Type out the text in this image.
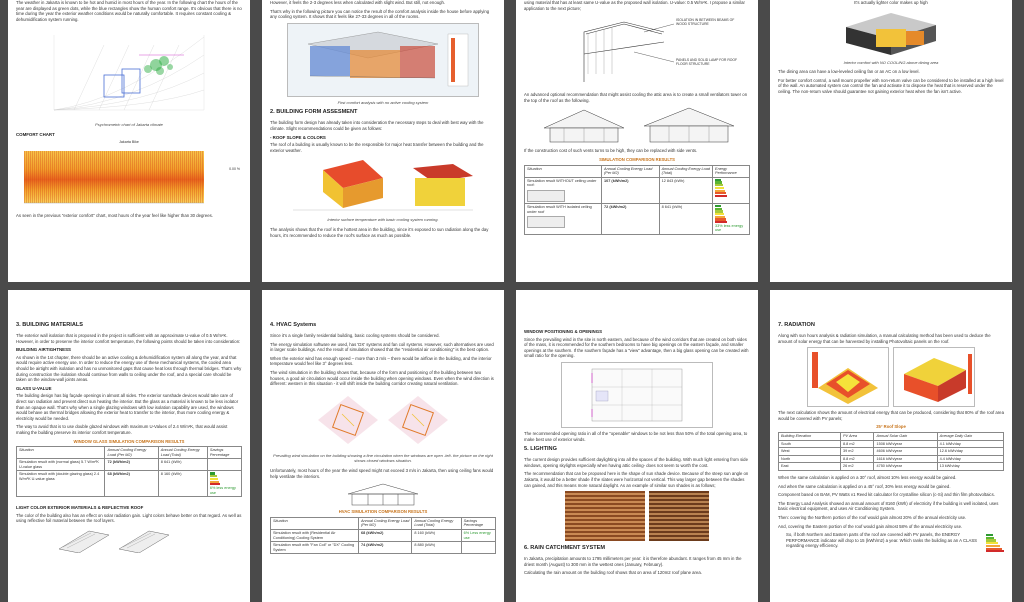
The weather in Jakarta is known to be hot and humid in most hours of the year. In the following chart the hours of the year are displayed as green dots, while the blue rectangles show the human comfort range. It's obvious that there is no time during the year the exterior weather conditions would be naturally comfortable. It requires constant cooling & dehumidification system running.

Psychrometric chart of Jakarta climate
COMFORT CHART
Jakarta Bike
0.00 %

As seen in the previous "exterior comfort" chart, most hours of the year feel like higher than 30 degrees.

However, it feels the 2-3 degrees less when calculated with slight wind. But still, not enough.

That's why in the following picture you can notice the result of the comfort analysis inside the house before applying any cooling system. It shows that it feels like 27-33 degrees in all of the rooms.

First comfort analysis with no active cooling system
2. BUILDING FORM ASSESMENT

The building form design has already taken into consideration the necessary steps to deal with best way with the climate. Slight recommendations could be given as follows:

- ROOF SLOPE & COLORS

The roof of a building is usually known to be the responsible for major heat transfer between the building and the exterior weather.

Interior surface temperature with basic cooling system running.

The analysis shows that the roof is the hottest area in the building, since it's exposed to sun radiation along the day hours, it's recommended to reduce the roof's surface as much as possible.

using material that has at least same U-value as the proposed wall isolation. U-value: 0.5 W/m²K. I propose a similar application to the next picture;

ISOLATION IN BETWEEN BEAMS OF WOOD STRUCTURE
PANELS AND SOLID LAMP FOR ROOF FLOOR STRUCTURE

An advanced optional recommendation that might assist cooling the attic area is to create a small ventilators tower on the top of the roof as the following.

If the construction cost of such vents turns to be high, they can be replaced with side vents.

SIMULATION COMPARISON RESULTS
Situation	Annual Cooling Energy Load (Per M2)	Annual Cooling Energy Load (Total)	Energy Performance
Simulation result WITHOUT ceiling under roof:	107 (kWh/m2)	12 843 (kWh)	

Simulation result WITH isolated ceiling under roof	72 (kWh/m2)	8 641 (kWh)	33% less energy use

It's actually lighter color makes up high

Interior comfort with NO COOLING above dining area

The dining area can have a low-leveled ceiling fan or an AC on a low level.

For better comfort control, a wall mount propeller with non-return valve can be considered to be installed at a high level of the wall. An automated system can control the fan and activate it to dispose the heat that is reserved under the ceiling. The non-return valve should guarantee not gaining exterior heat when the fan isn't active.

3. BUILDING MATERIALS

The exterior wall isolation that is proposed in the project is sufficient with an approximate U-value of 0.5 W/m²K. However, in order to preserve the interior comfort temperature, the following points should be taken into consideration:

BUILDING AIRTIGHTNESS

As shown in the 1st chapter, there should be an active cooling & dehumidification system all along the year, and that would require active energy use. In order to reduce the energy use of these mechanical systems, the cooled area should be airtight with isolation and has no unmonitored gaps that cause heat loss through thermal bridges. That's why during construction the isolation should continue from walls to ceiling under the roof, and a special care should be taken on the window-wall joints areas.

GLASS U-VALUE

The building design has big façade openings in almost all sides. The exterior sunshade devices would take care of direct sun radiation and prevent direct sun heating the interior. But the glass as a material is known to be less isolator than an opaque wall. That's why when a single glazing windows with low isolation capability are used, the windows would behave as thermal bridges allowing the exterior heat to transfer to the interior, thus more cooling energy & electricity would be needed.

The way to avoid that is to use double glazed windows with maximum U-Values of 2.4 W/m²K, that would assist making the building preserve its interior comfort temperature.

WINDOW GLASS SIMULATION COMPARISON RESULTS
Situation	Annual Cooling Energy Load (Per M2)	Annual Cooling Energy Load (Total)	Savings Percentage
Simulation result with (normal glass) 5.7 W/m²K U-value glass	72 (kWh/m2)	8 641 (kWh)	
Simulation result with (double glazing glass) 2.4 W/m²K U-value glass	68 (kWh/m2)	8 160 (kWh)	6% less energy use
LIGHT COLOR EXTERIOR MATERIALS & REFLECTIVE ROOF

The color of the building also has an effect on solar radiation gain. Light colors behave better on that regard. As well as using reflective foil material between the roof layers.

4. HVAC Systems

Since it's a single family residential building, basic cooling systems should be considered.

The energy simulation software we used, has 'DX' systems and fan coil systems. However, such alternatives are used in larger scale buildings. And the result of simulation showed that the "residential air conditioning" is the best option.

When the exterior wind has enough speed – more than 3 m/s – there would be airflow in the building, and the interior temperature would feel like 3° degrees less.

The wind simulation in the building shows that, because of the form and positioning of the building between two houses, a good air circulation would occur inside the building when opening windows. Even when the wind direction is different: western in this situation - it will shift inside the building corridor creating natural ventilation.

Prevailing wind simulation on the building showing a fine circulation when the windows are open -left- the picture on the right shows closed windows situation.

Unfortunately, most hours of the year the wind speed might not exceed 3 m/s in Jakarta, then using ceiling fans would help ventilate the interiors.

HVAC SIMULATION COMPARISON RESULTS
Situation	Annual Cooling Energy Load (Per M2)	Annual Cooling Energy Load (Total)	Savings Percentage
Simulation result with (Residential Air Conditioning) Cooling System	68 (kWh/m2)	8 160 (kWh)	6% Less energy use
Simulation result with "Fan Coil" or "DX" Cooling System	74 (kWh/m2)	8 880 (kWh)	
WINDOW POSITIONING & OPENINGS

Since the prevailing wind in the site is north eastern, and because of the wind corridors that are created on both sides of the mass, it is recommended for the southern bedrooms to have big openings on the eastern façade, and smaller openings at the southern. If the southern façade has a "view" advantage, then a big glass opening can be created with small ratio for the opening.

The recommended opening ratio in all of the "openable" windows to be not less than 50% of the total opening area, to make best use of exterior winds.

5. LIGHTING

The current design provides sufficient daylighting into all the spaces of the building. With much light entering from side windows, opening skylights especially when having attic ceiling- does not seem to worth the cost.

The recommendation that can be proposed here is the shape of sun shade device. Because of the steep sun angle on Jakarta, it would be a better shade if the slates were horizontal not vertical. This way larger gap between the shades can gained, and this means more natural daylight. As an example of similar sun shades is as follows;

6. RAIN CATCHMENT SYSTEM

In Jakarta, precipitation amounts to 1795 millimeters per year: it is therefore abundant. It ranges from 45 mm in the driest month (August) to 300 mm in the wettest ones (January, February).

Calculating the rain amount on the building roof shows that on area of 120m2 roof plane area.

7. RADIATION

Along with sun hours analysis & radiation simulation, a manual calculating method has been used to deduce the amount of solar energy that can be harvested by installing Photovoltaic panels on the roof.

The next calculation shows the amount of electrical energy that can be produced, considering that 80% of the roof area would be covered with PV panels;

25° Roof Slope
Building Elevation	PV Area	Annual Solar Gain	Average Daily Gain
South	8.8 m2	1508 kWh/year	4.1 kWh/day
West	39 m2	4606 kWh/year	12.6 kWh/day
North	8.8 m2	1616 kWh/year	4.4 kWh/day
East	26 m2	4750 kWh/year	13 kWh/day

When the same calculation is applied on a 30° roof, almost 10% less energy would be gained.

And when the same calculation is applied on a 45° roof, 30% less energy would be gained.

Component based on BAM, PV Watts v1 Reed kit calculator for crystalline silicon (c-Si) and thin film photovoltaics.

The Energy Load Analysis showed an annual amount of 8160 (kWh) of electricity if the building is well isolated, uses basic electrical equipment, and uses Air Conditioning System.

Then: covering the Northern portion of the roof would gain almost 20% of the annual electricity use.

And, covering the Eastern portion of the roof would gain almost 58% of the annual electricity use.

So, if both Northern and Eastern parts of the roof are covered with PV panels, the ENERGY PERFORMANCE indicator will drop to 15 (kWh/m2) a year. Which ranks the building as an A CLASS regarding energy efficiency.
